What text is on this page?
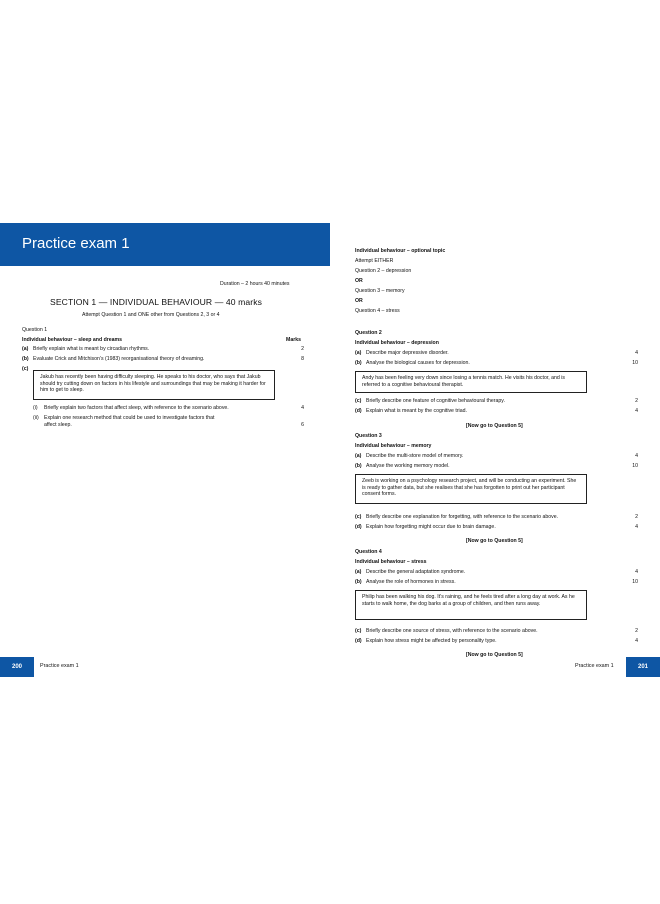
Practice exam 1
Duration – 2 hours 40 minutes
SECTION 1 — INDIVIDUAL BEHAVIOUR — 40 marks
Attempt Question 1 and ONE other from Questions 2, 3 or 4
Question 1
Individual behaviour – sleep and dreams	Marks
(a) Briefly explain what is meant by circadian rhythms.	2
(b) Evaluate Crick and Mitchison’s (1983) reorganisational theory of dreaming.	8
(c)
Jakub has recently been having difficulty sleeping. He speaks to his doctor, who says that Jakub should try cutting down on factors in his lifestyle and surroundings that may be making it harder for him to get to sleep.
(i) Briefly explain two factors that affect sleep, with reference to the scenario above.	4
(ii) Explain one research method that could be used to investigate factors that
affect sleep.	6
Individual behaviour – optional topic
Attempt EITHER
Question 2 – depression
OR
Question 3 – memory
OR
Question 4 – stress
Question 2
Individual behaviour – depression
(a) Describe major depressive disorder.	4
(b) Analyse the biological causes for depression.	10
Andy has been feeling very down since losing a tennis match. He visits his doctor, and is referred to a cognitive behavioural therapist.
(c) Briefly describe one feature of cognitive behavioural therapy.	2
(d) Explain what is meant by the cognitive triad.	4
[Now go to Question 5]
Question 3
Individual behaviour – memory
(a) Describe the multi-store model of memory.	4
(b) Analyse the working memory model.	10
Zeeb is working on a psychology research project, and will be conducting an experiment. She is ready to gather data, but she realises that she has forgotten to print out her participant consent forms.
(c) Briefly describe one explanation for forgetting, with reference to the scenario above.	2
(d) Explain how forgetting might occur due to brain damage.	4
[Now go to Question 5]
Question 4
Individual behaviour – stress
(a) Describe the general adaptation syndrome.	4
(b) Analyse the role of hormones in stress.	10
Philip has been walking his dog. It’s raining, and he feels tired after a long day at work. As he starts to walk home, the dog barks at a group of children, and then runs away.
(c) Briefly describe one source of stress, with reference to the scenario above.	2
(d) Explain how stress might be affected by personality type.	4
[Now go to Question 5]
200	Practice exam 1	Practice exam 1	201
